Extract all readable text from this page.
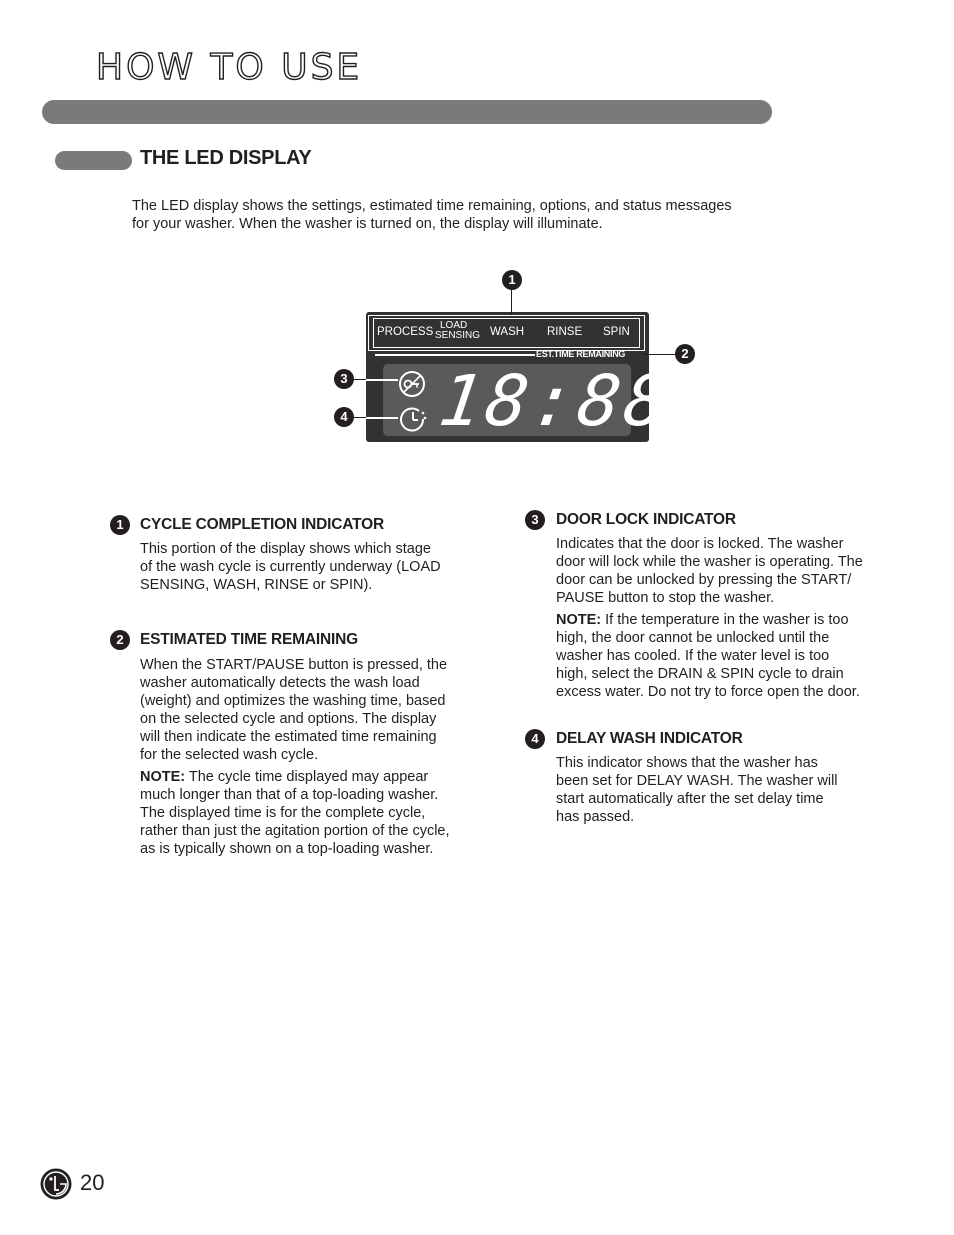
HOW TO USE
THE LED DISPLAY
The LED display shows the settings, estimated time remaining, options, and status messages
for your washer. When the washer is turned on, the display will illuminate.
PROCESS
LOAD
SENSING WASH RINSE SPIN
EST.TIME REMAINING
18:88
1
2
3
4
1	CYCLE COMPLETION INDICATOR
This portion of the display shows which stage
of the wash cycle is currently underway (LOAD
SENSING, WASH, RINSE or SPIN).
2	ESTIMATED TIME REMAINING
When the START/PAUSE button is pressed, the
washer automatically detects the wash load
(weight) and optimizes the washing time, based
on the selected cycle and options. The display
will then indicate the estimated time remaining
for the selected wash cycle.
NOTE: The cycle time displayed may appear
much longer than that of a top-loading washer.
The displayed time is for the complete cycle,
rather than just the agitation portion of the cycle,
as is typically shown on a top-loading washer.
3	DOOR LOCK INDICATOR
Indicates that the door is locked. The washer
door will lock while the washer is operating. The
door can be unlocked by pressing the START/
PAUSE button to stop the washer.
NOTE: If the temperature in the washer is too
high, the door cannot be unlocked until the
washer has cooled. If the water level is too
high, select the DRAIN & SPIN cycle to drain
excess water. Do not try to force open the door.
4	DELAY WASH INDICATOR
This indicator shows that the washer has
been set for DELAY WASH. The washer will
start automatically after the set delay time
has passed.
20
